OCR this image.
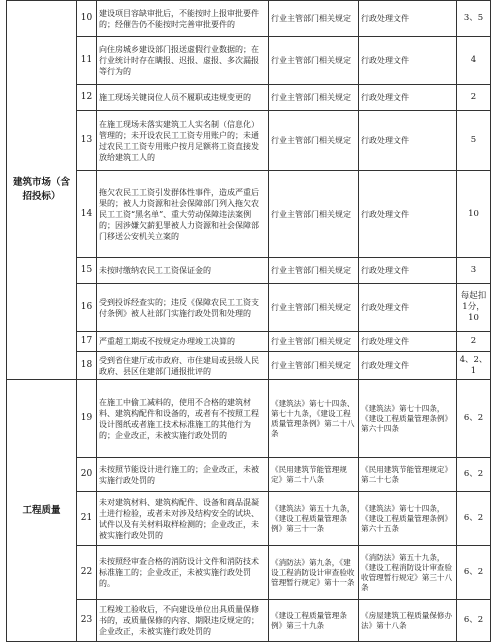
建筑市场（含招投标）	10	建设项目容缺审批后，不能按时上报审批要件的；经催告仍不能按时完善审批要件的	行业主管部门相关规定	行政处理文件	3、5
	11	向住房城乡建设部门报送虚假行业数据的；在行业统计时存在瞒报、迟报、虚报、多次漏报等行为的	行业主管部门相关规定	行政处理文件	4
	12	施工现场关键岗位人员不履职或违规变更的	行业主管部门相关规定	行政处理文件	2
	13	在施工现场未落实建筑工人实名制（信息化）管理的；未开设农民工工资专用账户的；未通过农民工工资专用账户按月足额将工资直接发放给建筑工人的	行业主管部门相关规定	行政处理文件	5
	14	拖欠农民工工资引发群体性事件，造成严重后果的；被人力资源和社会保障部门列入拖欠农民工工资“黑名单”、重大劳动保障违法案例的；因涉嫌欠薪犯罪被人力资源和社会保障部门移送公安机关立案的	行业主管部门相关规定	行政处理文件	10
	15	未按时缴纳农民工工资保证金的	行业主管部门相关规定	行政处理文件	3
	16	受到投诉经查实的；违反《保障农民工工资支付条例》被人社部门实施行政处罚和处理的	行业主管部门相关规定	行政处理文件	每起扣1分，10
	17	严重超工期或不按规定办理竣工决算的	行业主管部门相关规定	行政处理文件	2
	18	受到省住建厅或市政府、市住建局或县级人民政府、县区住建部门通报批评的	行业主管部门相关规定	行政处理文件	4、2、1
工程质量	19	在施工中偷工减料的，使用不合格的建筑材料、建筑构配件和设备的，或者有不按照工程设计图纸或者施工技术标准施工的其他行为的；企业改正，未被实施行政处罚的	《建筑法》第七十四条、第七十九条，《建设工程质量管理条例》第二十八条	《建筑法》第七十四条，《建设工程质量管理条例》第六十四条	6、2
	20	未按照节能设计进行施工的；企业改正，未被实施行政处罚的	《民用建筑节能管理规定》第二十八条	《民用建筑节能管理规定》第二十七条	6、2
	21	未对建筑材料、建筑构配件、设备和商品混凝土进行检验，或者未对涉及结构安全的试块、试件以及有关材料取样检测的；企业改正，未被实施行政处罚的	《建筑法》第五十九条，《建设工程质量管理条例》第三十一条	《建筑法》第七十四条，《建设工程质量管理条例》第六十五条	6、2
	22	未按照经审查合格的消防设计文件和消防技术标准施工的；企业改正，未被实施行政处罚的。	《消防法》第九条，《建设工程消防设计审查验收管理暂行规定》第十一条	《消防法》第五十九条，《建设工程消防设计审查验收管理暂行规定》第三十八条	6、2
	23	工程竣工验收后，不向建设单位出具质量保修书的，或质量保修的内容、期限违反规定的；企业改正，未被实施行政处罚的	《建设工程质量管理条例》第三十九条	《房屋建筑工程质量保修办法》第十八条	6、2
